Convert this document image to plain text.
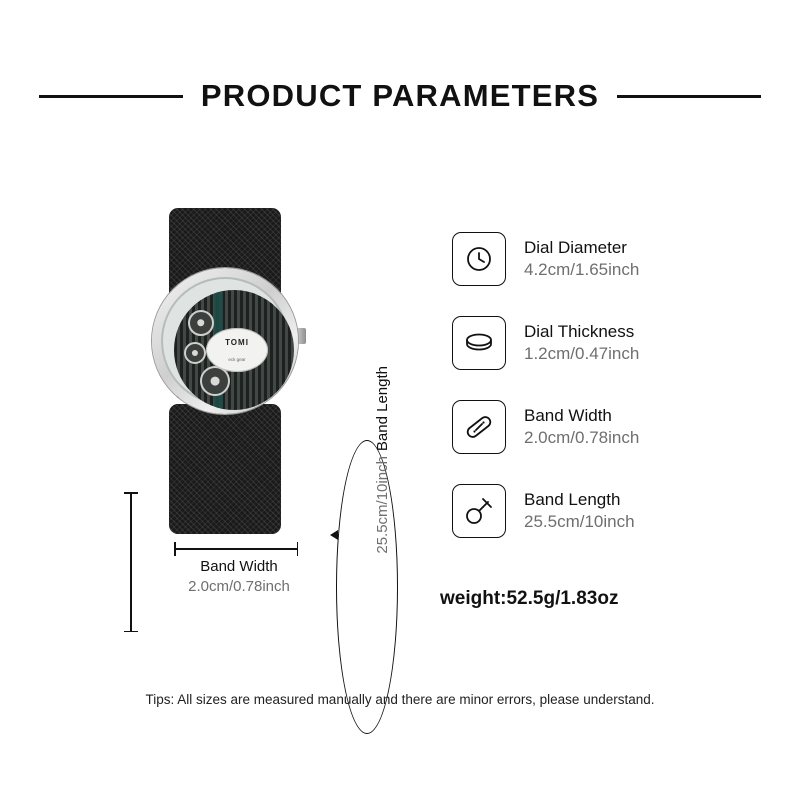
PRODUCT PARAMETERS
TOMI
eck gear
Band Length
25.5cm/10inch
Band Width
2.0cm/0.78inch
Dial Diameter
4.2cm/1.65inch
Dial Thickness
1.2cm/0.47inch
Band Width
2.0cm/0.78inch
Band Length
25.5cm/10inch
weight:52.5g/1.83oz
Tips: All sizes are measured manually and there are minor errors, please understand.
